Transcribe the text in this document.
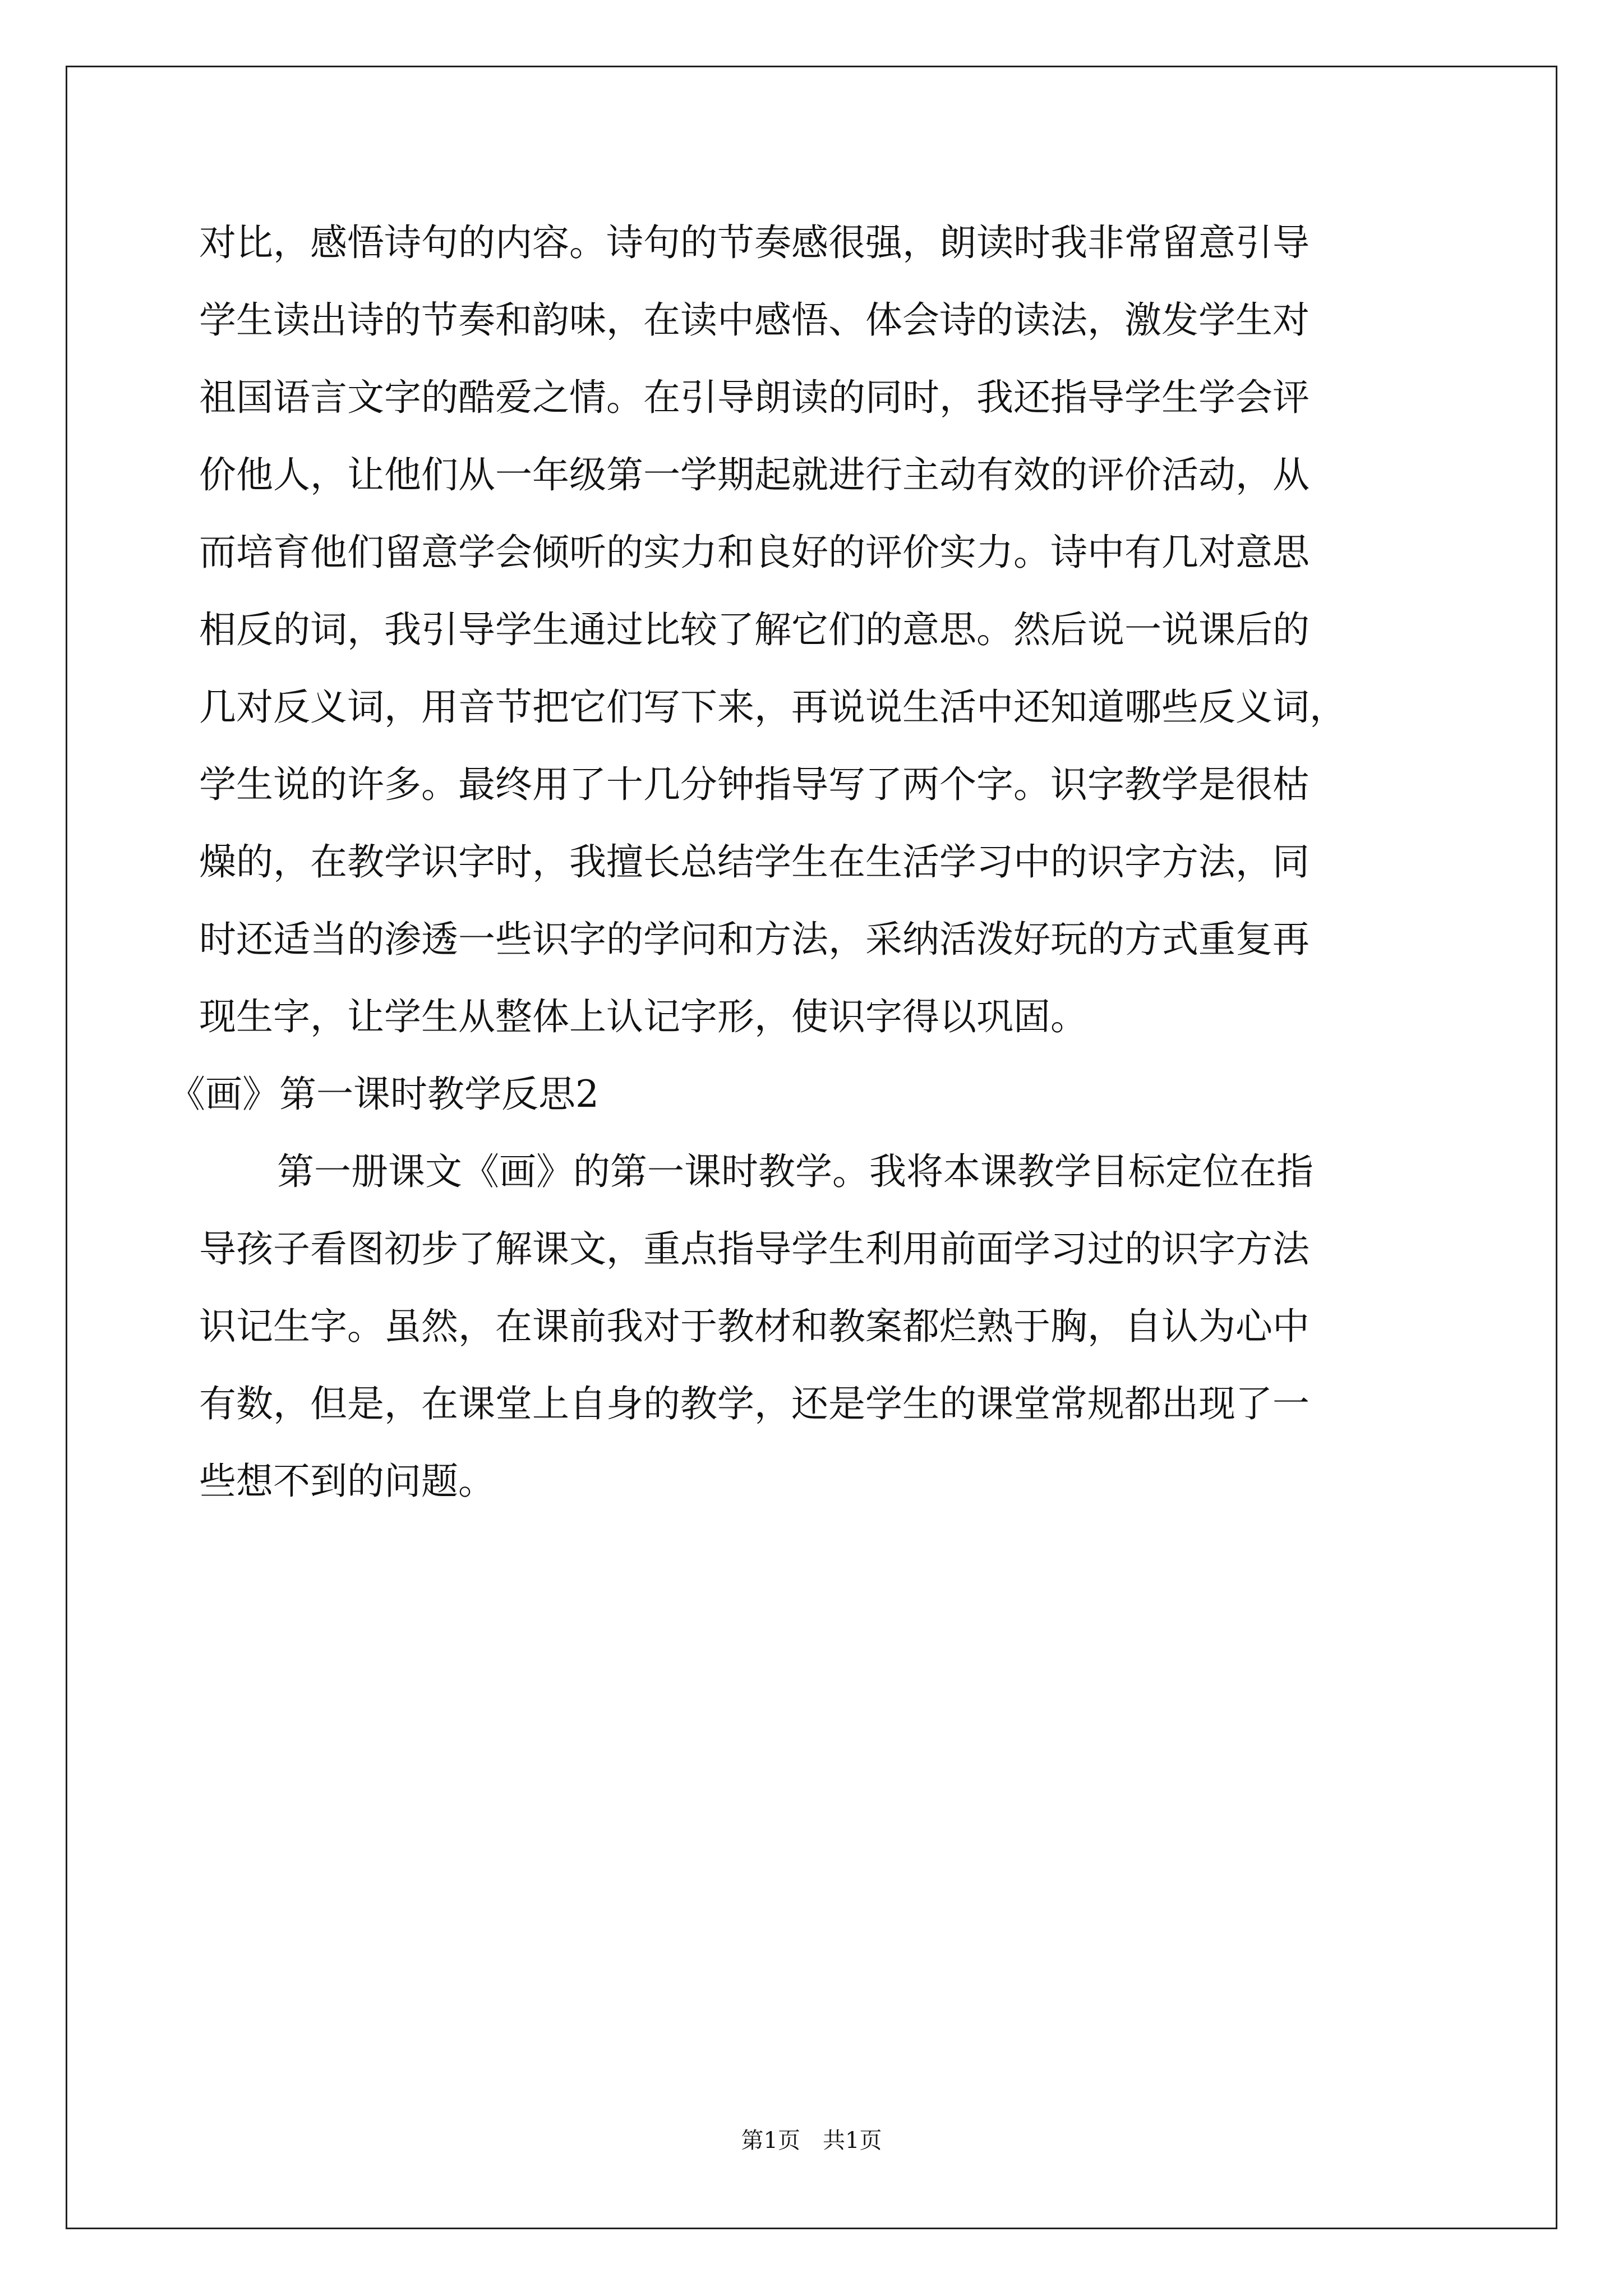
对比，感悟诗句的内容。诗句的节奏感很强，朗读时我非常留意引导
学生读出诗的节奏和韵味，在读中感悟、体会诗的读法，激发学生对
祖国语言文字的酷爱之情。在引导朗读的同时，我还指导学生学会评
价他人，让他们从一年级第一学期起就进行主动有效的评价活动，从
而培育他们留意学会倾听的实力和良好的评价实力。诗中有几对意思
相反的词，我引导学生通过比较了解它们的意思。然后说一说课后的
几对反义词，用音节把它们写下来，再说说生活中还知道哪些反义词，
学生说的许多。最终用了十几分钟指导写了两个字。识字教学是很枯
燥的，在教学识字时，我擅长总结学生在生活学习中的识字方法，同
时还适当的渗透一些识字的学问和方法，采纳活泼好玩的方式重复再
现生字，让学生从整体上认记字形，使识字得以巩固。
《画》第一课时教学反思2
第一册课文《画》的第一课时教学。我将本课教学目标定位在指
导孩子看图初步了解课文，重点指导学生利用前面学习过的识字方法
识记生字。虽然，在课前我对于教材和教案都烂熟于胸，自认为心中
有数，但是，在课堂上自身的教学，还是学生的课堂常规都出现了一
些想不到的问题。
第1页　共1页
